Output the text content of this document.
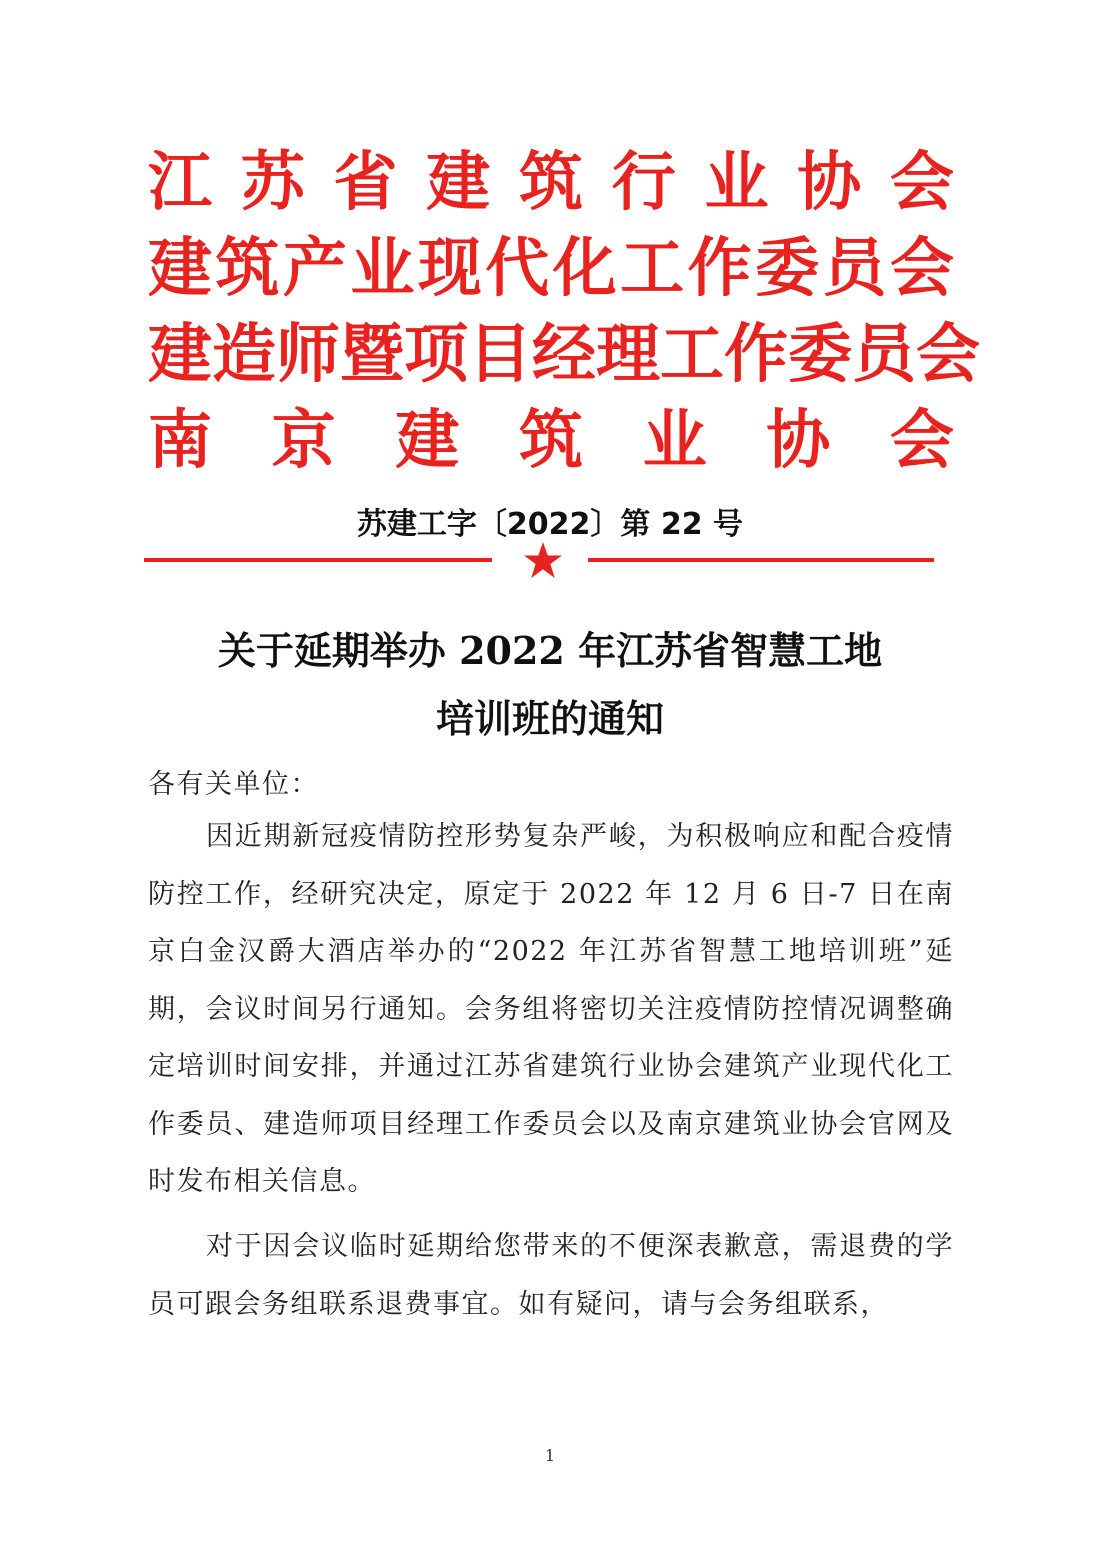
江 苏 省 建 筑 行 业 协 会
建 筑 产 业 现 代 化 工 作 委 员 会
建 造 师 暨 项 目 经 理 工 作 委 员 会
南 京 建 筑 业 协 会
苏建工字〔2022〕第 22 号
关于延期举办 2022 年江苏省智慧工地
培训班的通知
各有关单位：
因近期新冠疫情防控形势复杂严峻，为积极响应和配合疫情防控工作，经研究决定，原定于 2022 年 12 月 6 日-7 日在南京白金汉爵大酒店举办的“2022 年江苏省智慧工地培训班”延期，会议时间另行通知。会务组将密切关注疫情防控情况调整确定培训时间安排，并通过江苏省建筑行业协会建筑产业现代化工作委员、建造师项目经理工作委员会以及南京建筑业协会官网及时发布相关信息。
对于因会议临时延期给您带来的不便深表歉意，需退费的学员可跟会务组联系退费事宜。如有疑问，请与会务组联系，
1
